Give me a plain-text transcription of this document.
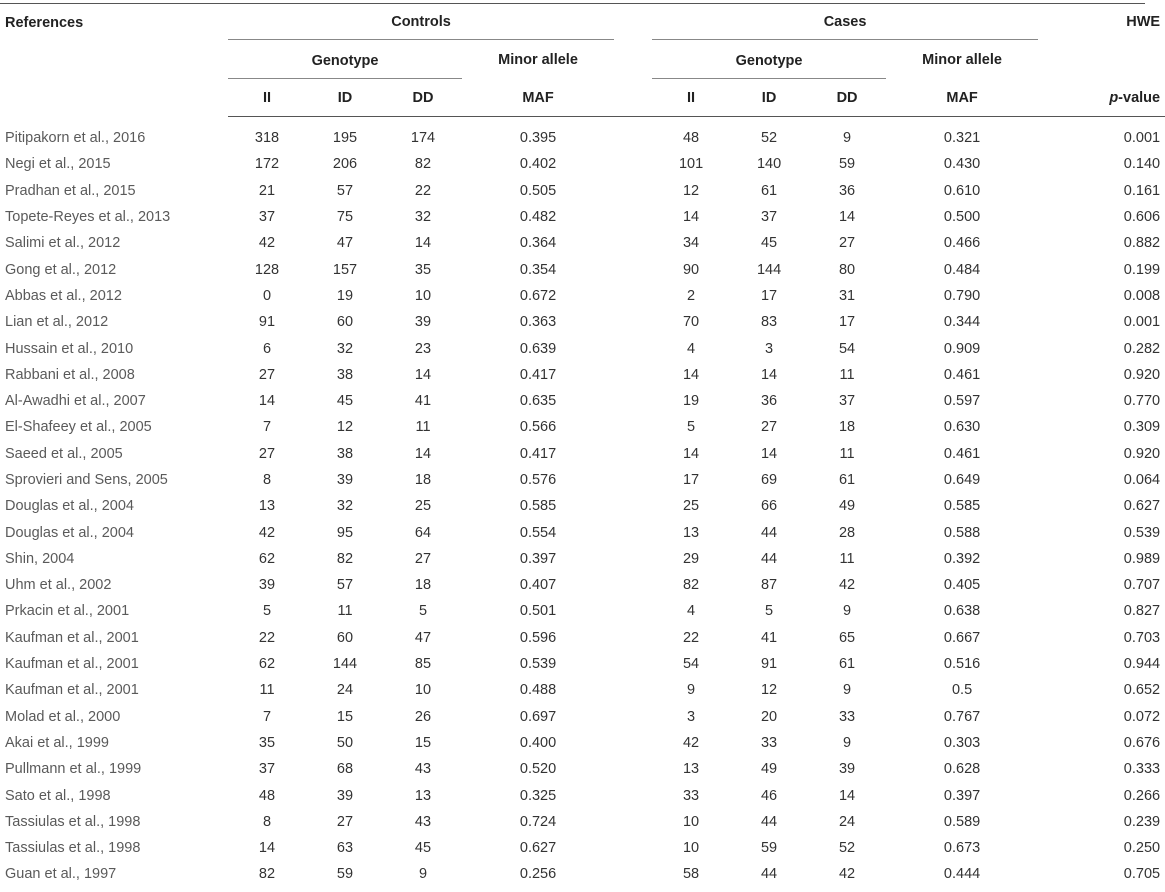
References	Controls					Cases				HWE

	Genotype			Minor allele		Genotype			Minor allele	
	II	ID	DD	MAF		II	ID	DD	MAF	p-value

Pitipakorn et al., 2016	318	195	174	0.395		48	52	9	0.321	0.001
Negi et al., 2015	172	206	82	0.402		101	140	59	0.430	0.140
Pradhan et al., 2015	21	57	22	0.505		12	61	36	0.610	0.161
Topete-Reyes et al., 2013	37	75	32	0.482		14	37	14	0.500	0.606
Salimi et al., 2012	42	47	14	0.364		34	45	27	0.466	0.882
Gong et al., 2012	128	157	35	0.354		90	144	80	0.484	0.199
Abbas et al., 2012	0	19	10	0.672		2	17	31	0.790	0.008
Lian et al., 2012	91	60	39	0.363		70	83	17	0.344	0.001
Hussain et al., 2010	6	32	23	0.639		4	3	54	0.909	0.282
Rabbani et al., 2008	27	38	14	0.417		14	14	11	0.461	0.920
Al-Awadhi et al., 2007	14	45	41	0.635		19	36	37	0.597	0.770
El-Shafeey et al., 2005	7	12	11	0.566		5	27	18	0.630	0.309
Saeed et al., 2005	27	38	14	0.417		14	14	11	0.461	0.920
Sprovieri and Sens, 2005	8	39	18	0.576		17	69	61	0.649	0.064
Douglas et al., 2004	13	32	25	0.585		25	66	49	0.585	0.627
Douglas et al., 2004	42	95	64	0.554		13	44	28	0.588	0.539
Shin, 2004	62	82	27	0.397		29	44	11	0.392	0.989
Uhm et al., 2002	39	57	18	0.407		82	87	42	0.405	0.707
Prkacin et al., 2001	5	11	5	0.501		4	5	9	0.638	0.827
Kaufman et al., 2001	22	60	47	0.596		22	41	65	0.667	0.703
Kaufman et al., 2001	62	144	85	0.539		54	91	61	0.516	0.944
Kaufman et al., 2001	11	24	10	0.488		9	12	9	0.5	0.652
Molad et al., 2000	7	15	26	0.697		3	20	33	0.767	0.072
Akai et al., 1999	35	50	15	0.400		42	33	9	0.303	0.676
Pullmann et al., 1999	37	68	43	0.520		13	49	39	0.628	0.333
Sato et al., 1998	48	39	13	0.325		33	46	14	0.397	0.266
Tassiulas et al., 1998	8	27	43	0.724		10	44	24	0.589	0.239
Tassiulas et al., 1998	14	63	45	0.627		10	59	52	0.673	0.250
Guan et al., 1997	82	59	9	0.256		58	44	42	0.444	0.705
